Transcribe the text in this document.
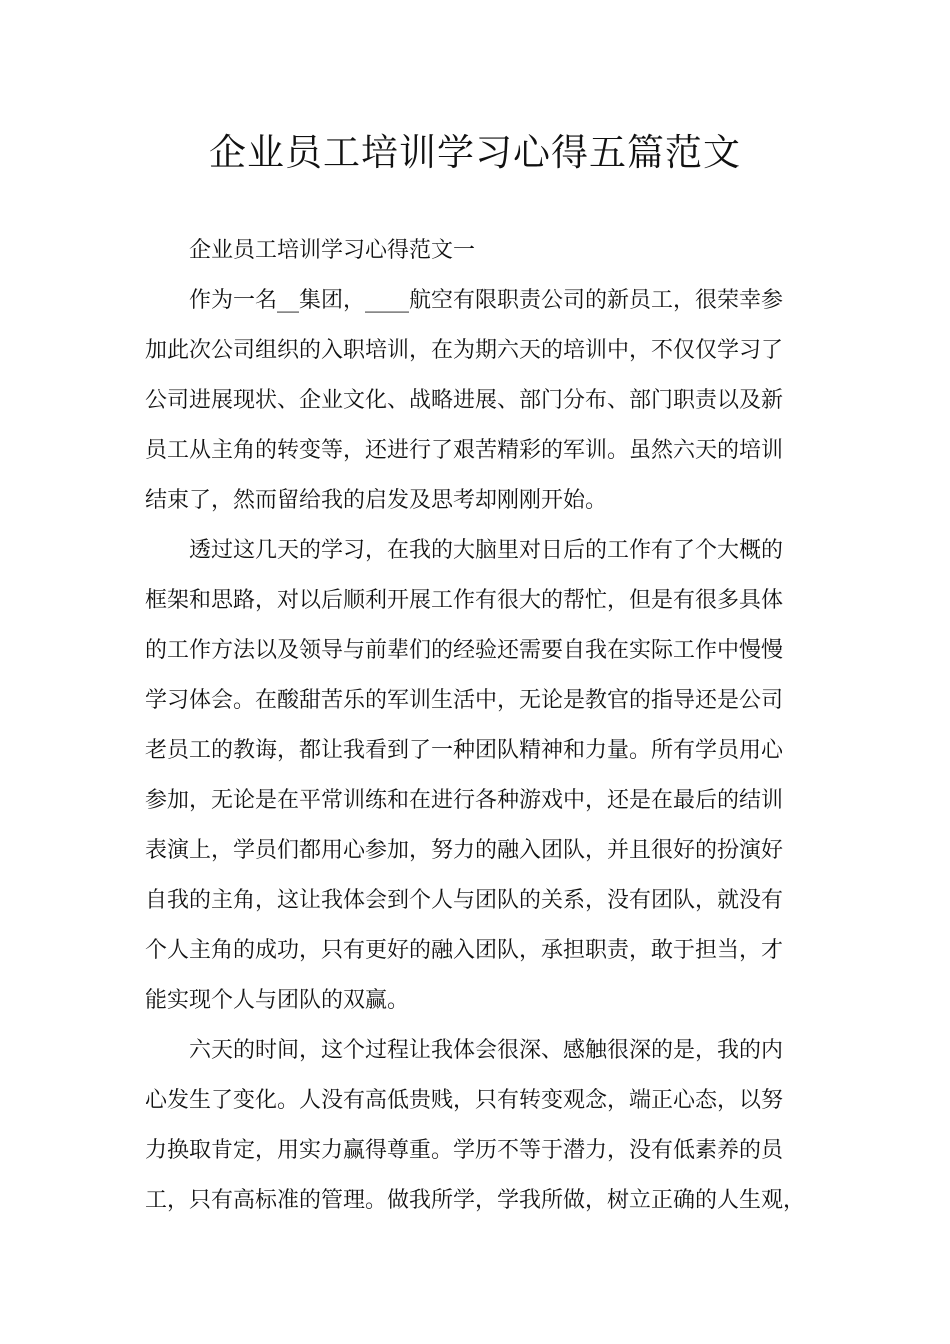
企业员工培训学习心得五篇范文
企业员工培训学习心得范文一
作为一名__集团，____航空有限职责公司的新员工，很荣幸参
加此次公司组织的入职培训，在为期六天的培训中，不仅仅学习了
公司进展现状、企业文化、战略进展、部门分布、部门职责以及新
员工从主角的转变等，还进行了艰苦精彩的军训。虽然六天的培训
结束了，然而留给我的启发及思考却刚刚开始。
透过这几天的学习，在我的大脑里对日后的工作有了个大概的
框架和思路，对以后顺利开展工作有很大的帮忙，但是有很多具体
的工作方法以及领导与前辈们的经验还需要自我在实际工作中慢慢
学习体会。在酸甜苦乐的军训生活中，无论是教官的指导还是公司
老员工的教诲，都让我看到了一种团队精神和力量。所有学员用心
参加，无论是在平常训练和在进行各种游戏中，还是在最后的结训
表演上，学员们都用心参加，努力的融入团队，并且很好的扮演好
自我的主角，这让我体会到个人与团队的关系，没有团队，就没有
个人主角的成功，只有更好的融入团队，承担职责，敢于担当，才
能实现个人与团队的双赢。
六天的时间，这个过程让我体会很深、感触很深的是，我的内
心发生了变化。人没有高低贵贱，只有转变观念，端正心态，以努
力换取肯定，用实力赢得尊重。学历不等于潜力，没有低素养的员
工，只有高标准的管理。做我所学，学我所做，树立正确的人生观，
